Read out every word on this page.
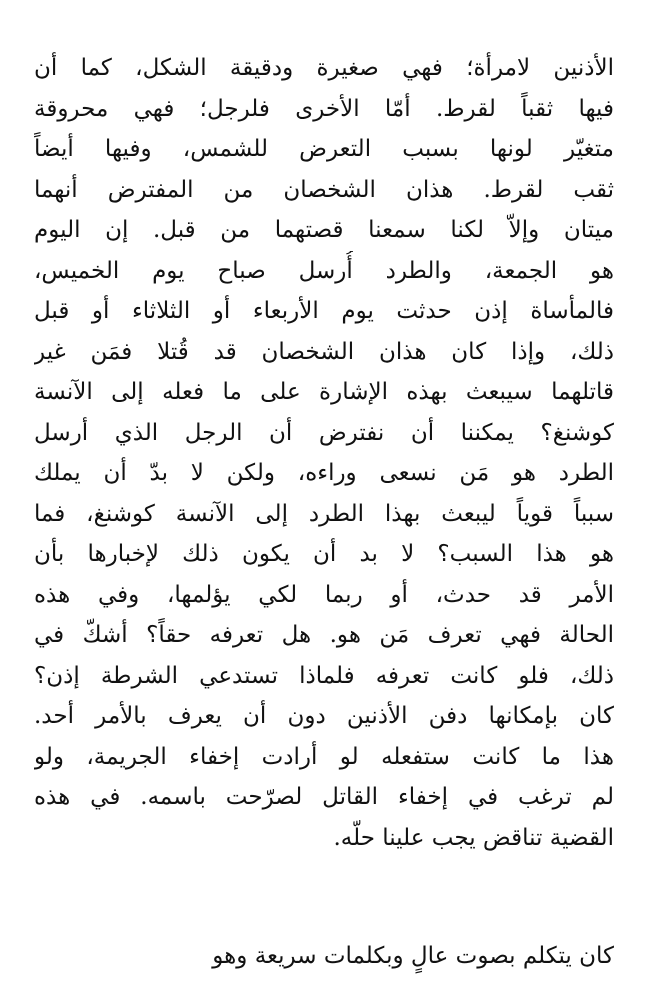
الأذنين لامرأة؛ فهي صغيرة ودقيقة الشكل، كما أن
فيها ثقباً لقرط. أمّا الأخرى فلرجل؛ فهي محروقة
متغيّر لونها بسبب التعرض للشمس، وفيها أيضاً
ثقب لقرط. هذان الشخصان من المفترض أنهما
ميتان وإلاّ لكنا سمعنا قصتهما من قبل. إن اليوم
هو الجمعة، والطرد أُرسل صباح يوم الخميس،
فالمأساة إذن حدثت يوم الأربعاء أو الثلاثاء أو قبل
ذلك، وإذا كان هذان الشخصان قد قُتلا فمَن غير
قاتلهما سيبعث بهذه الإشارة على ما فعله إلى الآنسة
كوشنغ؟ يمكننا أن نفترض أن الرجل الذي أرسل
الطرد هو مَن نسعى وراءه، ولكن لا بدّ أن يملك
سبباً قوياً ليبعث بهذا الطرد إلى الآنسة كوشنغ، فما
هو هذا السبب؟ لا بد أن يكون ذلك لإخبارها بأن
الأمر قد حدث، أو ربما لكي يؤلمها، وفي هذه
الحالة فهي تعرف مَن هو. هل تعرفه حقاً؟ أشكّ في
ذلك، فلو كانت تعرفه فلماذا تستدعي الشرطة إذن؟
كان بإمكانها دفن الأذنين دون أن يعرف بالأمر أحد.
هذا ما كانت ستفعله لو أرادت إخفاء الجريمة، ولو
لم ترغب في إخفاء القاتل لصرّحت باسمه. في هذه
القضية تناقض يجب علينا حلّه.
كان يتكلم بصوت عالٍ وبكلمات سريعة وهو
